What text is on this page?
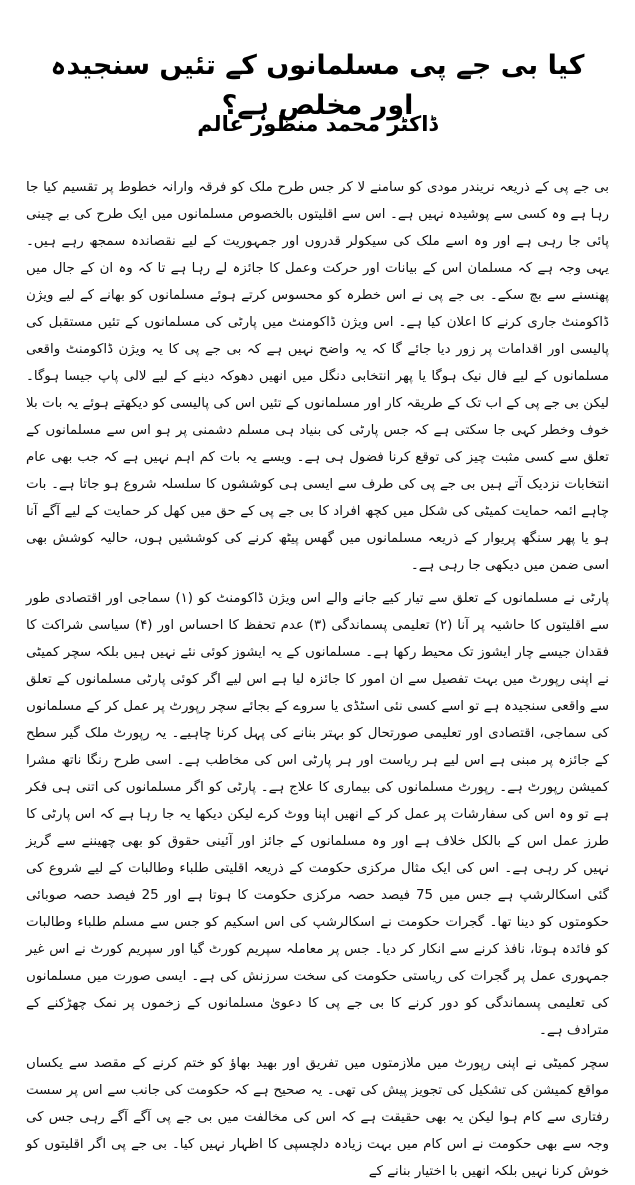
کیا بی جے پی مسلمانوں کے تئیں سنجیدہ اور مخلص ہے؟
ڈاکٹر محمد منظور عالم

بی جے پی کے ذریعہ نریندر مودی کو سامنے لا کر جس طرح ملک کو فرقہ وارانہ خطوط پر تقسیم کیا جا رہا ہے وہ کسی سے پوشیدہ نہیں ہے۔ اس سے اقلیتوں بالخصوص مسلمانوں میں ایک طرح کی بے چینی پائی جا رہی ہے اور وہ اسے ملک کی سیکولر قدروں اور جمہوریت کے لیے نقصاندہ سمجھ رہے ہیں۔ یہی وجہ ہے کہ مسلمان اس کے بیانات اور حرکت وعمل کا جائزہ لے رہا ہے تا کہ وہ ان کے جال میں پھنسنے سے بچ سکے۔ بی جے پی نے اس خطرہ کو محسوس کرتے ہوئے مسلمانوں کو بھانے کے لیے ویژن ڈاکومنٹ جاری کرنے کا اعلان کیا ہے۔ اس ویژن ڈاکومنٹ میں پارٹی کی مسلمانوں کے تئیں مستقبل کی پالیسی اور اقدامات پر زور دیا جائے گا کہ یہ واضح نہیں ہے کہ بی جے پی کا یہ ویژن ڈاکومنٹ واقعی مسلمانوں کے لیے فال نیک ہوگا یا پھر انتخابی دنگل میں انھیں دھوکہ دینے کے لیے لالی پاپ جیسا ہوگا۔ لیکن بی جے پی کے اب تک کے طریقہ کار اور مسلمانوں کے تئیں اس کی پالیسی کو دیکھتے ہوئے یہ بات بلا خوف وخطر کہی جا سکتی ہے کہ جس پارٹی کی بنیاد ہی مسلم دشمنی پر ہو اس سے مسلمانوں کے تعلق سے کسی مثبت چیز کی توقع کرنا فضول ہی ہے۔ ویسے یہ بات کم اہم نہیں ہے کہ جب بھی عام انتخابات نزدیک آتے ہیں بی جے پی کی طرف سے ایسی ہی کوششوں کا سلسلہ شروع ہو جاتا ہے۔ بات چاہے ائمہ حمایت کمیٹی کی شکل میں کچھ افراد کا بی جے پی کے حق میں کھل کر حمایت کے لیے آگے آنا ہو یا پھر سنگھ پریوار کے ذریعہ مسلمانوں میں گھس پیٹھ کرنے کی کوششیں ہوں، حالیہ کوشش بھی اسی ضمن میں دیکھی جا رہی ہے۔

پارٹی نے مسلمانوں کے تعلق سے تیار کیے جانے والے اس ویژن ڈاکومنٹ کو (۱) سماجی اور اقتصادی طور سے اقلیتوں کا حاشیہ پر آنا (۲) تعلیمی پسماندگی (۳) عدم تحفظ کا احساس اور (۴) سیاسی شراکت کا فقدان جیسے چار ایشوز تک محیط رکھا ہے۔ مسلمانوں کے یہ ایشوز کوئی نئے نہیں ہیں بلکہ سچر کمیٹی نے اپنی رپورٹ میں بہت تفصیل سے ان امور کا جائزہ لیا ہے اس لیے اگر کوئی پارٹی مسلمانوں کے تعلق سے واقعی سنجیدہ ہے تو اسے کسی نئی اسٹڈی یا سروے کے بجائے سچر رپورٹ پر عمل کر کے مسلمانوں کی سماجی، اقتصادی اور تعلیمی صورتحال کو بہتر بنانے کی پہل کرنا چاہیے۔ یہ رپورٹ ملک گیر سطح کے جائزہ پر مبنی ہے اس لیے ہر ریاست اور ہر پارٹی اس کی مخاطب ہے۔ اسی طرح رنگا ناتھ مشرا کمیشن رپورٹ ہے۔ رپورٹ مسلمانوں کی بیماری کا علاج ہے۔ پارٹی کو اگر مسلمانوں کی اتنی ہی فکر ہے تو وہ اس کی سفارشات پر عمل کر کے انھیں اپنا ووٹ کرے لیکن دیکھا یہ جا رہا ہے کہ اس پارٹی کا طرز عمل اس کے بالکل خلاف ہے اور وہ مسلمانوں کے جائز اور آئینی حقوق کو بھی چھیننے سے گریز نہیں کر رہی ہے۔ اس کی ایک مثال مرکزی حکومت کے ذریعہ اقلیتی طلباء وطالبات کے لیے شروع کی گئی اسکالرشپ ہے جس میں 75 فیصد حصہ مرکزی حکومت کا ہوتا ہے اور 25 فیصد حصہ صوبائی حکومتوں کو دینا تھا۔ گجرات حکومت نے اسکالرشپ کی اس اسکیم کو جس سے مسلم طلباء وطالبات کو فائدہ ہوتا، نافذ کرنے سے انکار کر دیا۔ جس پر معاملہ سپریم کورٹ گیا اور سپریم کورٹ نے اس غیر جمہوری عمل پر گجرات کی ریاستی حکومت کی سخت سرزنش کی ہے۔ ایسی صورت میں مسلمانوں کی تعلیمی پسماندگی کو دور کرنے کا بی جے پی کا دعویٰ مسلمانوں کے زخموں پر نمک چھڑکنے کے مترادف ہے۔

سچر کمیٹی نے اپنی رپورٹ میں ملازمتوں میں تفریق اور بھید بھاؤ کو ختم کرنے کے مقصد سے یکساں مواقع کمیشن کی تشکیل کی تجویز پیش کی تھی۔ یہ صحیح ہے کہ حکومت کی جانب سے اس پر سست رفتاری سے کام ہوا لیکن یہ بھی حقیقت ہے کہ اس کی مخالفت میں بی جے پی آگے آگے رہی جس کی وجہ سے بھی حکومت نے اس کام میں بہت زیادہ دلچسپی کا اظہار نہیں کیا۔ بی جے پی اگر اقلیتوں کو خوش کرنا نہیں بلکہ انھیں با اختیار بنانے کے
